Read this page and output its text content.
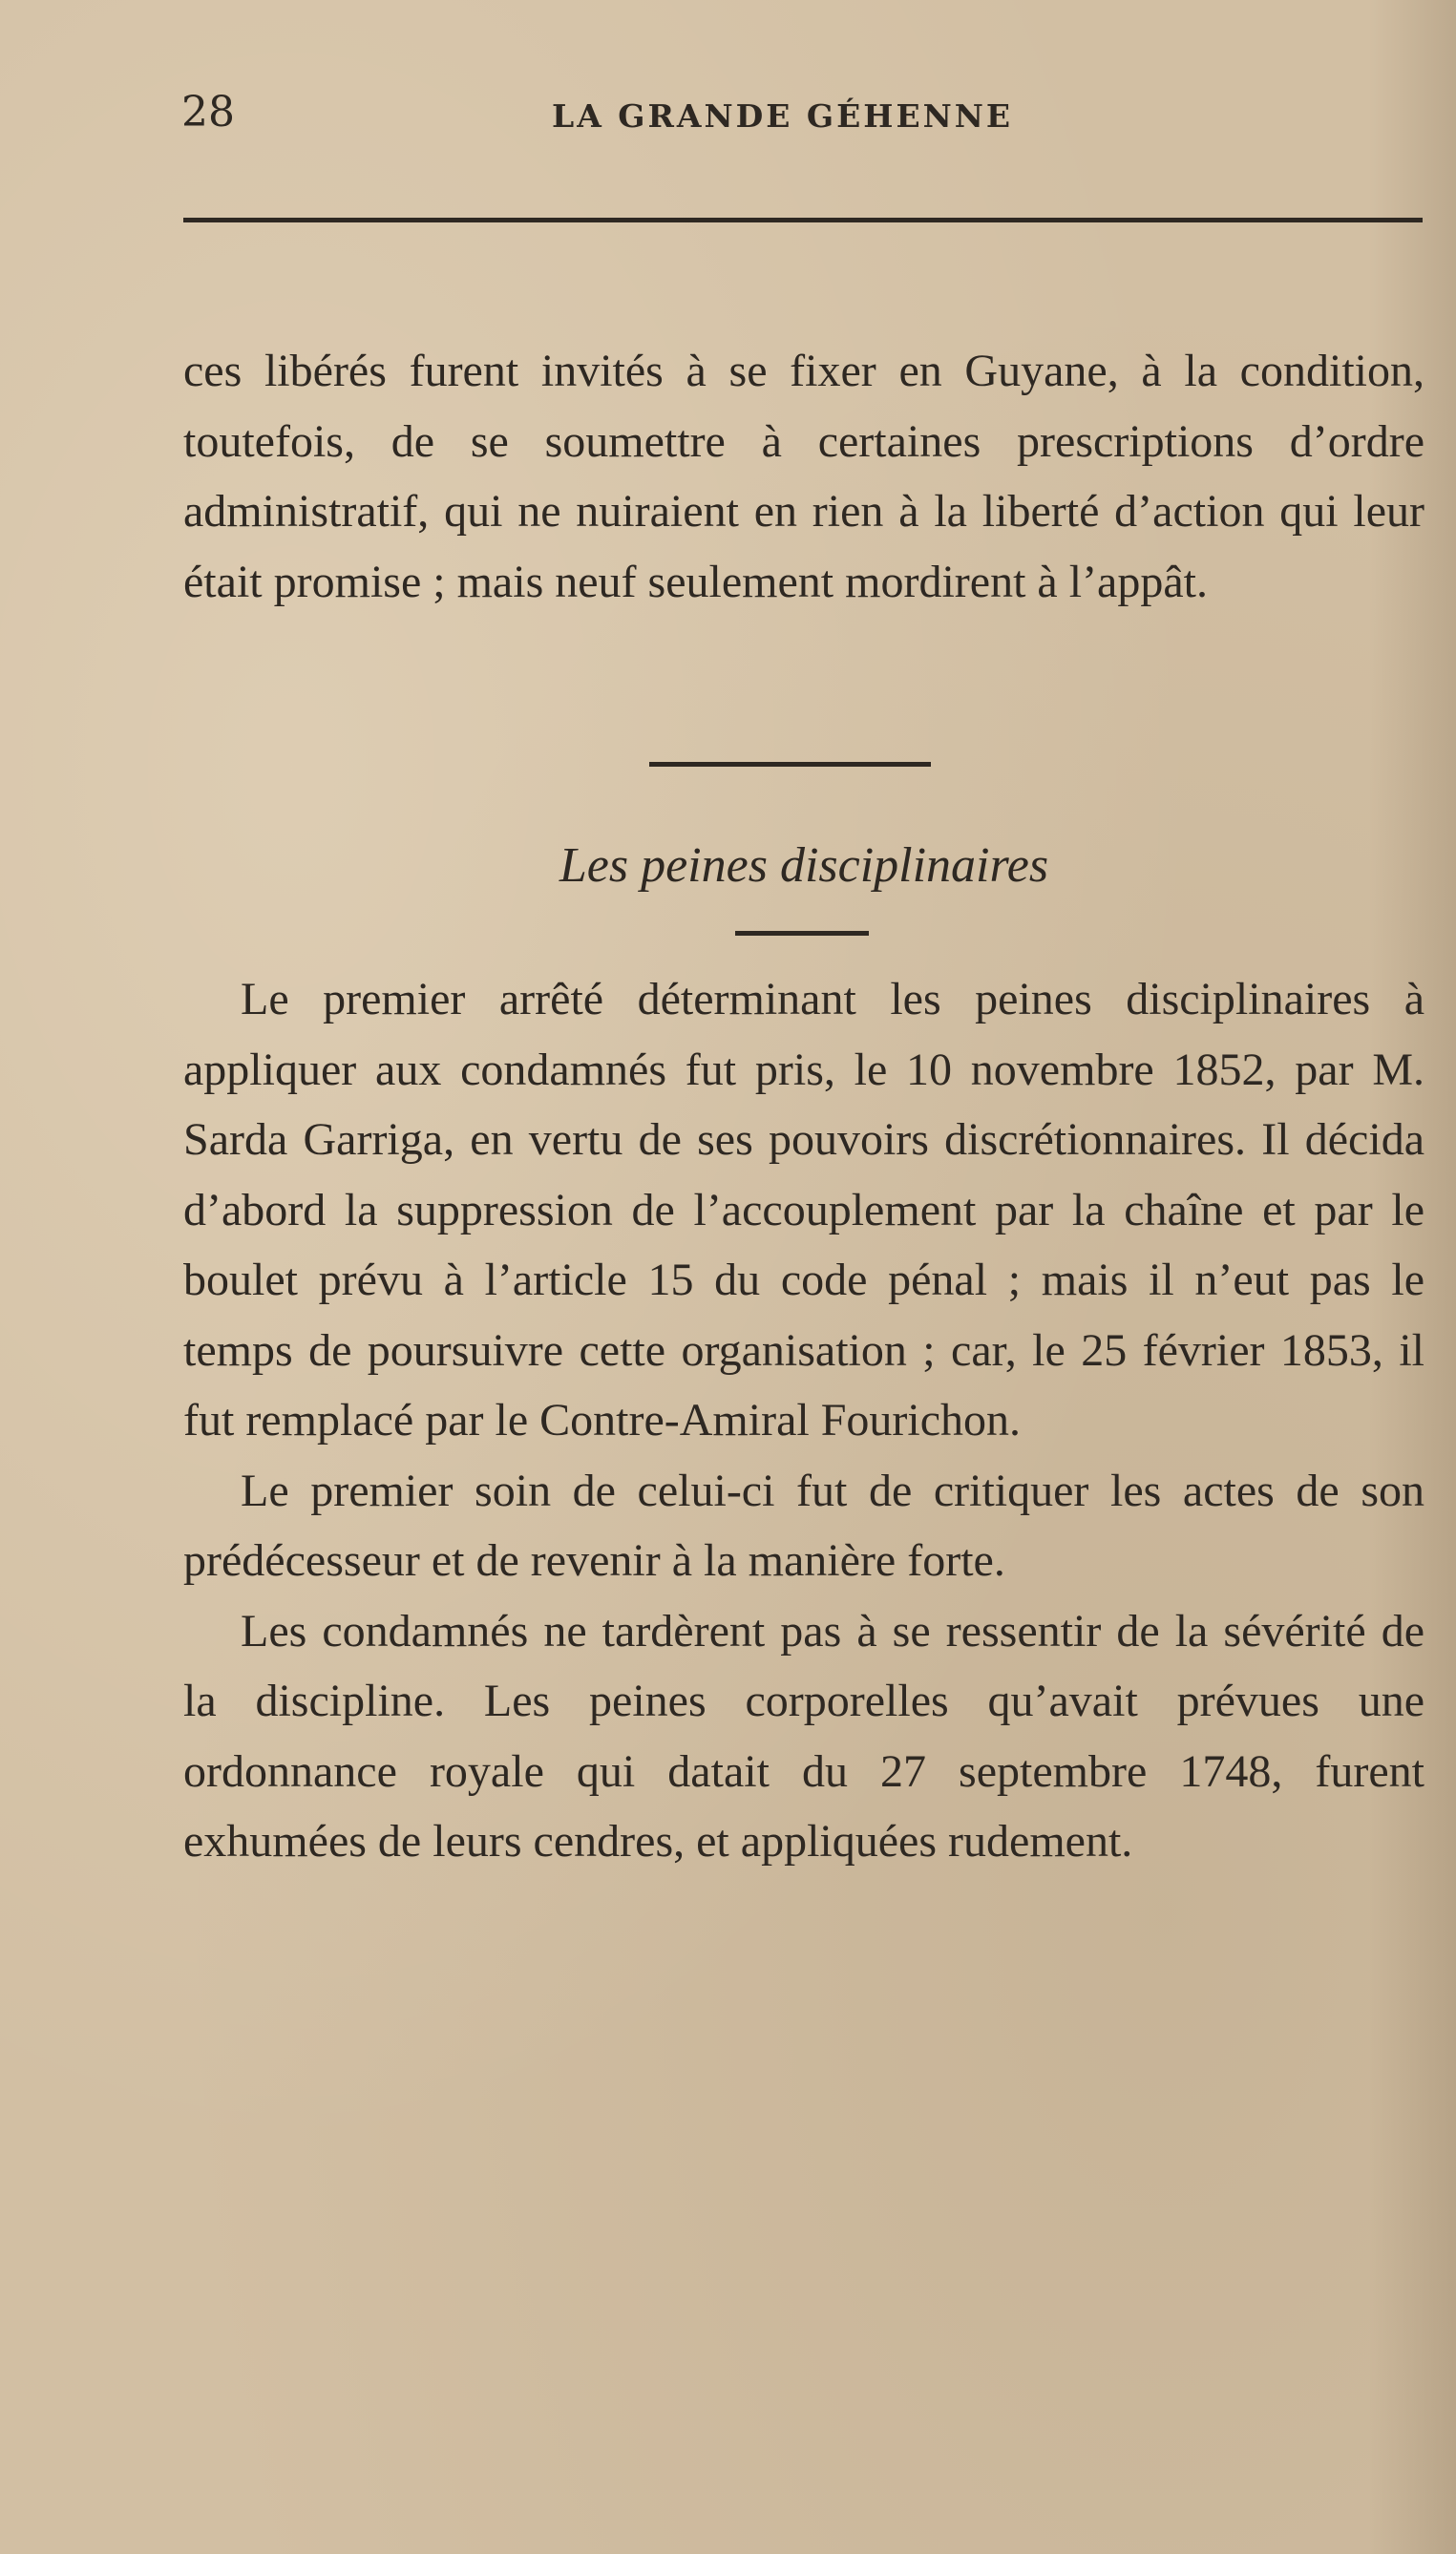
28	LA GRANDE GÉHENNE

ces libérés furent invités à se fixer en Guyane, à la condition, toutefois, de se soumettre à certaines prescriptions d’ordre administratif, qui ne nuiraient en rien à la liberté d’action qui leur était promise ; mais neuf seulement mordirent à l’appât.

Les peines disciplinaires

Le premier arrêté déterminant les peines disciplinaires à appliquer aux condamnés fut pris, le 10 novembre 1852, par M. Sarda Garriga, en vertu de ses pouvoirs discrétionnaires. Il décida d’abord la suppression de l’accouplement par la chaîne et par le boulet prévu à l’article 15 du code pénal ; mais il n’eut pas le temps de poursuivre cette organisation ; car, le 25 février 1853, il fut remplacé par le Contre-Amiral Fourichon.

Le premier soin de celui-ci fut de critiquer les actes de son prédécesseur et de revenir à la manière forte.

Les condamnés ne tardèrent pas à se ressentir de la sévérité de la discipline. Les peines corporelles qu’avait prévues une ordonnance royale qui datait du 27 septembre 1748, furent exhumées de leurs cendres, et appliquées rudement.
